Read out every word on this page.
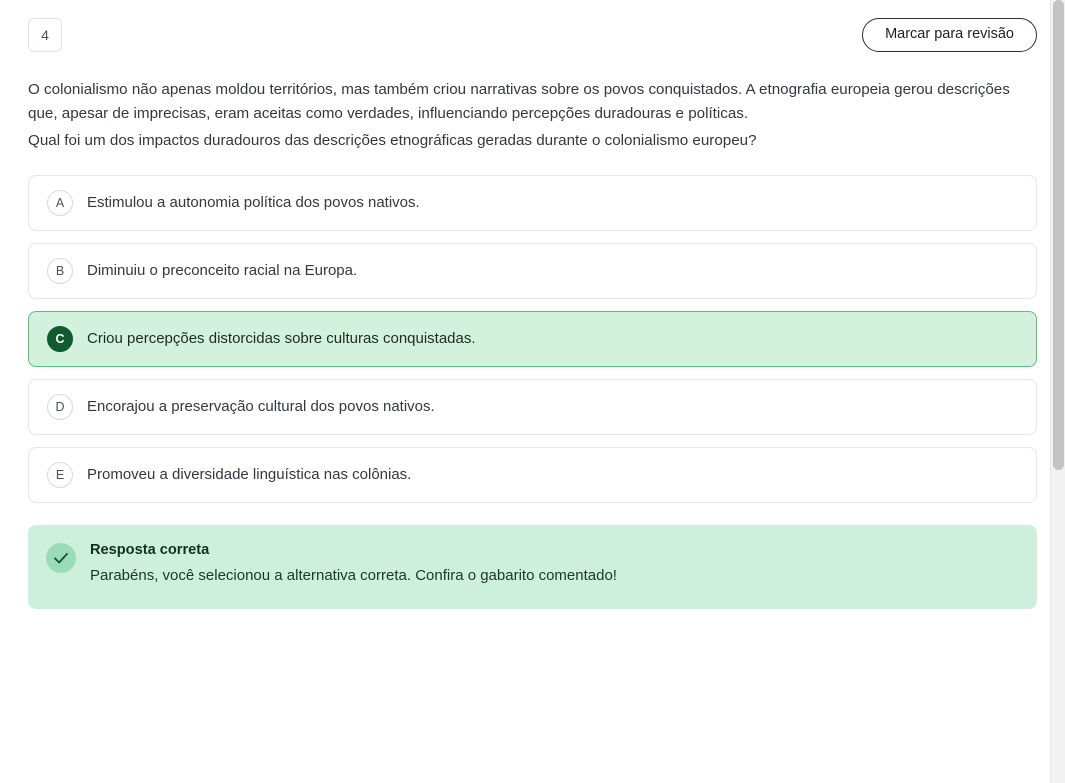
4	Marcar para revisão

O colonialismo não apenas moldou territórios, mas também criou narrativas sobre os povos conquistados. A etnografia europeia gerou descrições que, apesar de imprecisas, eram aceitas como verdades, influenciando percepções duradouras e políticas.

Qual foi um dos impactos duradouros das descrições etnográficas geradas durante o colonialismo europeu?
A	Estimulou a autonomia política dos povos nativos.
B	Diminuiu o preconceito racial na Europa.
C	Criou percepções distorcidas sobre culturas conquistadas.
D	Encorajou a preservação cultural dos povos nativos.
E	Promoveu a diversidade linguística nas colônias.
Resposta correta
Parabéns, você selecionou a alternativa correta. Confira o gabarito comentado!
